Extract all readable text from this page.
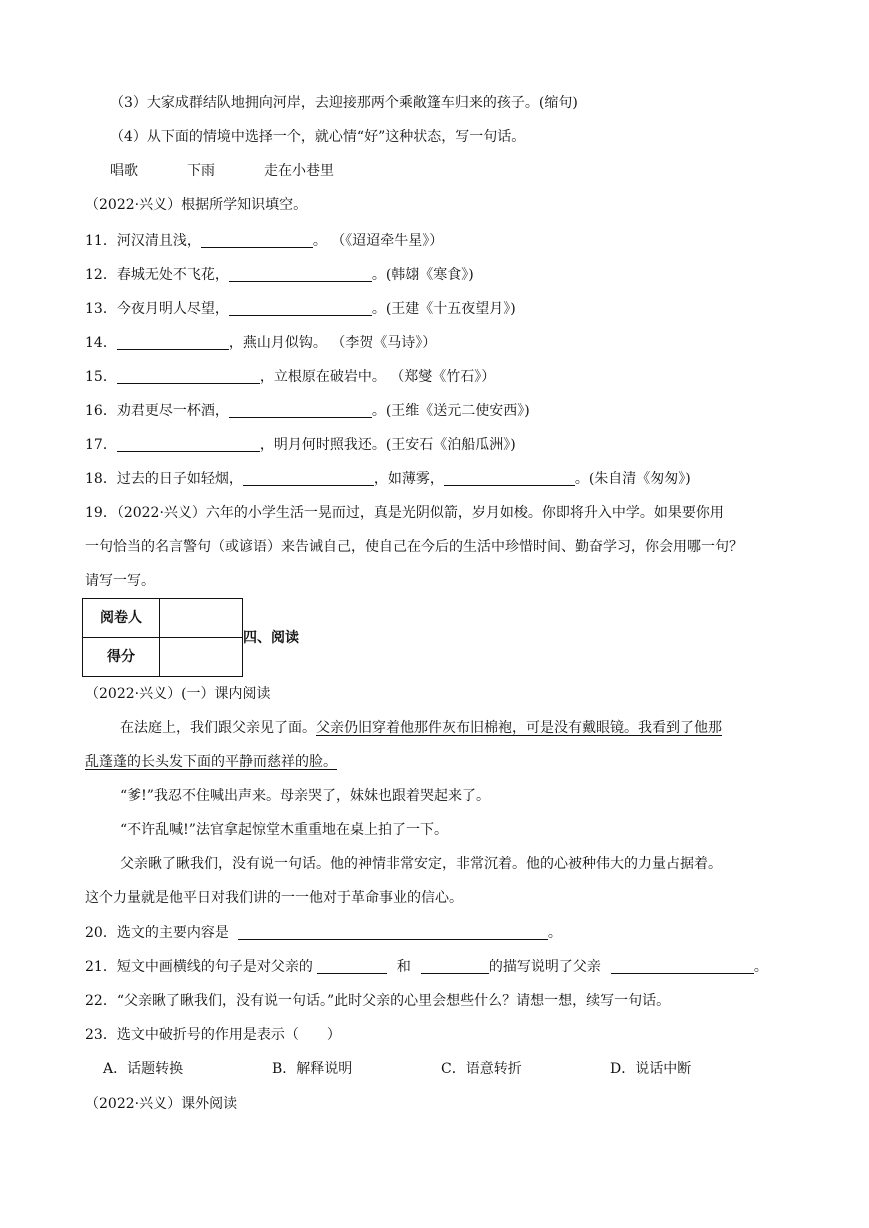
（3）大家成群结队地拥向河岸，去迎接那两个乘敞篷车归来的孩子。(缩句)
（4）从下面的情境中选择一个，就心情“好”这种状态，写一句话。
唱歌	下雨	走在小巷里
（2022·兴义）根据所学知识填空。
11．河汉清且浅，	。 （《迢迢牵牛星》）
12．春城无处不飞花，	。(韩翃《寒食》)
13．今夜月明人尽望，	。(王建《十五夜望月》)
14．	，燕山月似钩。 （李贺《马诗》）
15．	，立根原在破岩中。 （郑燮《竹石》）
16．劝君更尽一杯酒，	。(王维《送元二使安西》)
17．	，明月何时照我还。(王安石《泊船瓜洲》)
18．过去的日子如轻烟，	，如薄雾，	。(朱自清《匆匆》)
19．（2022·兴义）六年的小学生活一晃而过，真是光阴似箭，岁月如梭。你即将升入中学。如果要你用
一句恰当的名言警句（或谚语）来告诫自己，使自己在今后的生活中珍惜时间、勤奋学习，你会用哪一句？
请写一写。
阅卷人	
得分	
四、阅读
（2022·兴义）(一）课内阅读
在法庭上，我们跟父亲见了面。父亲仍旧穿着他那件灰布旧棉袍，可是没有戴眼镜。我看到了他那
乱蓬蓬的长头发下面的平静而慈祥的脸。
“爹!”我忍不住喊出声来。母亲哭了，妹妹也跟着哭起来了。
“不许乱喊!”法官拿起惊堂木重重地在桌上拍了一下。
父亲瞅了瞅我们，没有说一句话。他的神情非常安定，非常沉着。他的心被种伟大的力量占据着。
这个力量就是他平日对我们讲的一一他对于革命事业的信心。
20．选文的主要内容是	。
21．短文中画横线的句子是对父亲的	和	的描写说明了父亲	。
22．“父亲瞅了瞅我们，没有说一句话。”此时父亲的心里会想些什么？请想一想，续写一句话。
23．选文中破折号的作用是表示（　　）
A．话题转换	B．解释说明	C．语意转折	D．说话中断
（2022·兴义）课外阅读
